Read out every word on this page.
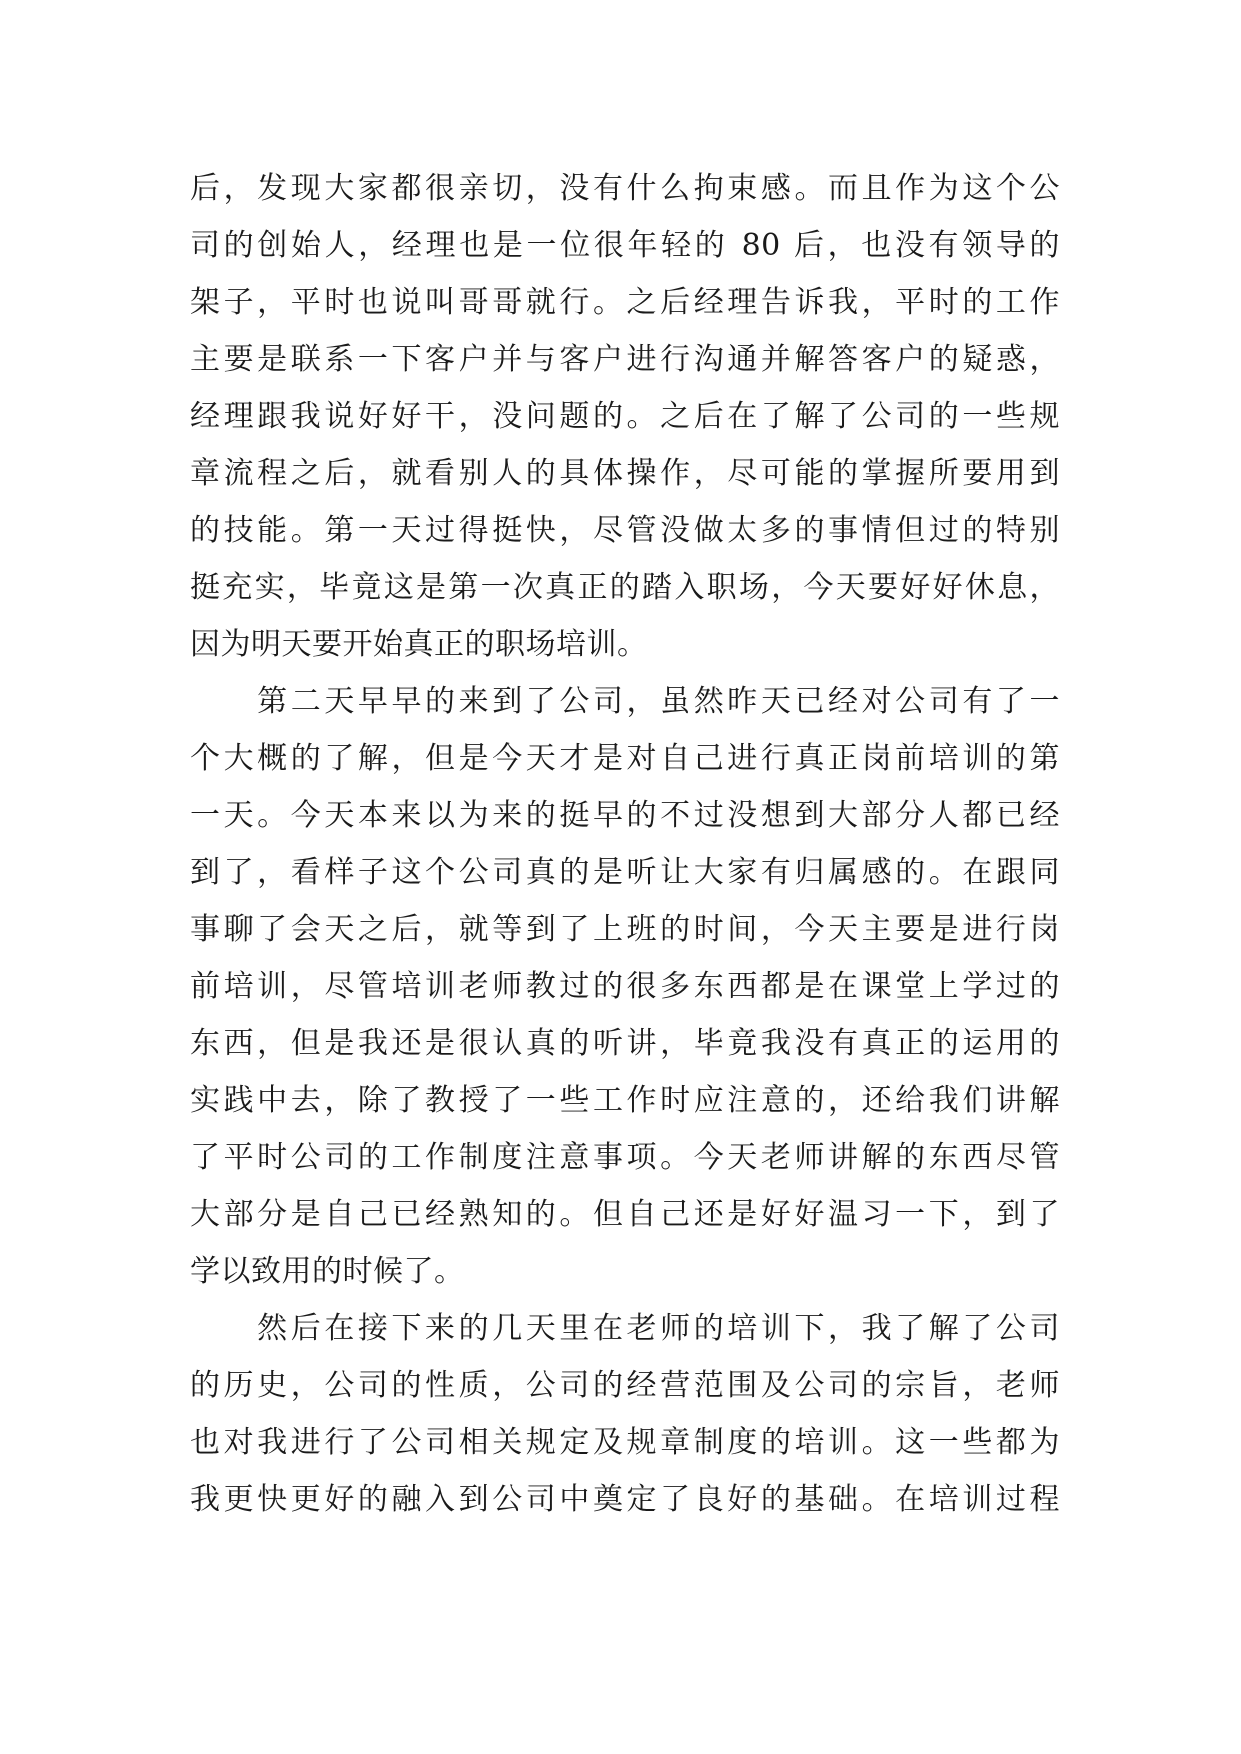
后，发现大家都很亲切，没有什么拘束感。而且作为这个公
司的创始人，经理也是一位很年轻的 80 后，也没有领导的
架子，平时也说叫哥哥就行。之后经理告诉我，平时的工作
主要是联系一下客户并与客户进行沟通并解答客户的疑惑，
经理跟我说好好干，没问题的。之后在了解了公司的一些规
章流程之后，就看别人的具体操作，尽可能的掌握所要用到
的技能。第一天过得挺快，尽管没做太多的事情但过的特别
挺充实，毕竟这是第一次真正的踏入职场，今天要好好休息，
因为明天要开始真正的职场培训。
　　第二天早早的来到了公司，虽然昨天已经对公司有了一
个大概的了解，但是今天才是对自己进行真正岗前培训的第
一天。今天本来以为来的挺早的不过没想到大部分人都已经
到了，看样子这个公司真的是听让大家有归属感的。在跟同
事聊了会天之后，就等到了上班的时间，今天主要是进行岗
前培训，尽管培训老师教过的很多东西都是在课堂上学过的
东西，但是我还是很认真的听讲，毕竟我没有真正的运用的
实践中去，除了教授了一些工作时应注意的，还给我们讲解
了平时公司的工作制度注意事项。今天老师讲解的东西尽管
大部分是自己已经熟知的。但自己还是好好温习一下，到了
学以致用的时候了。
　　然后在接下来的几天里在老师的培训下，我了解了公司
的历史，公司的性质，公司的经营范围及公司的宗旨，老师
也对我进行了公司相关规定及规章制度的培训。这一些都为
我更快更好的融入到公司中奠定了良好的基础。在培训过程
